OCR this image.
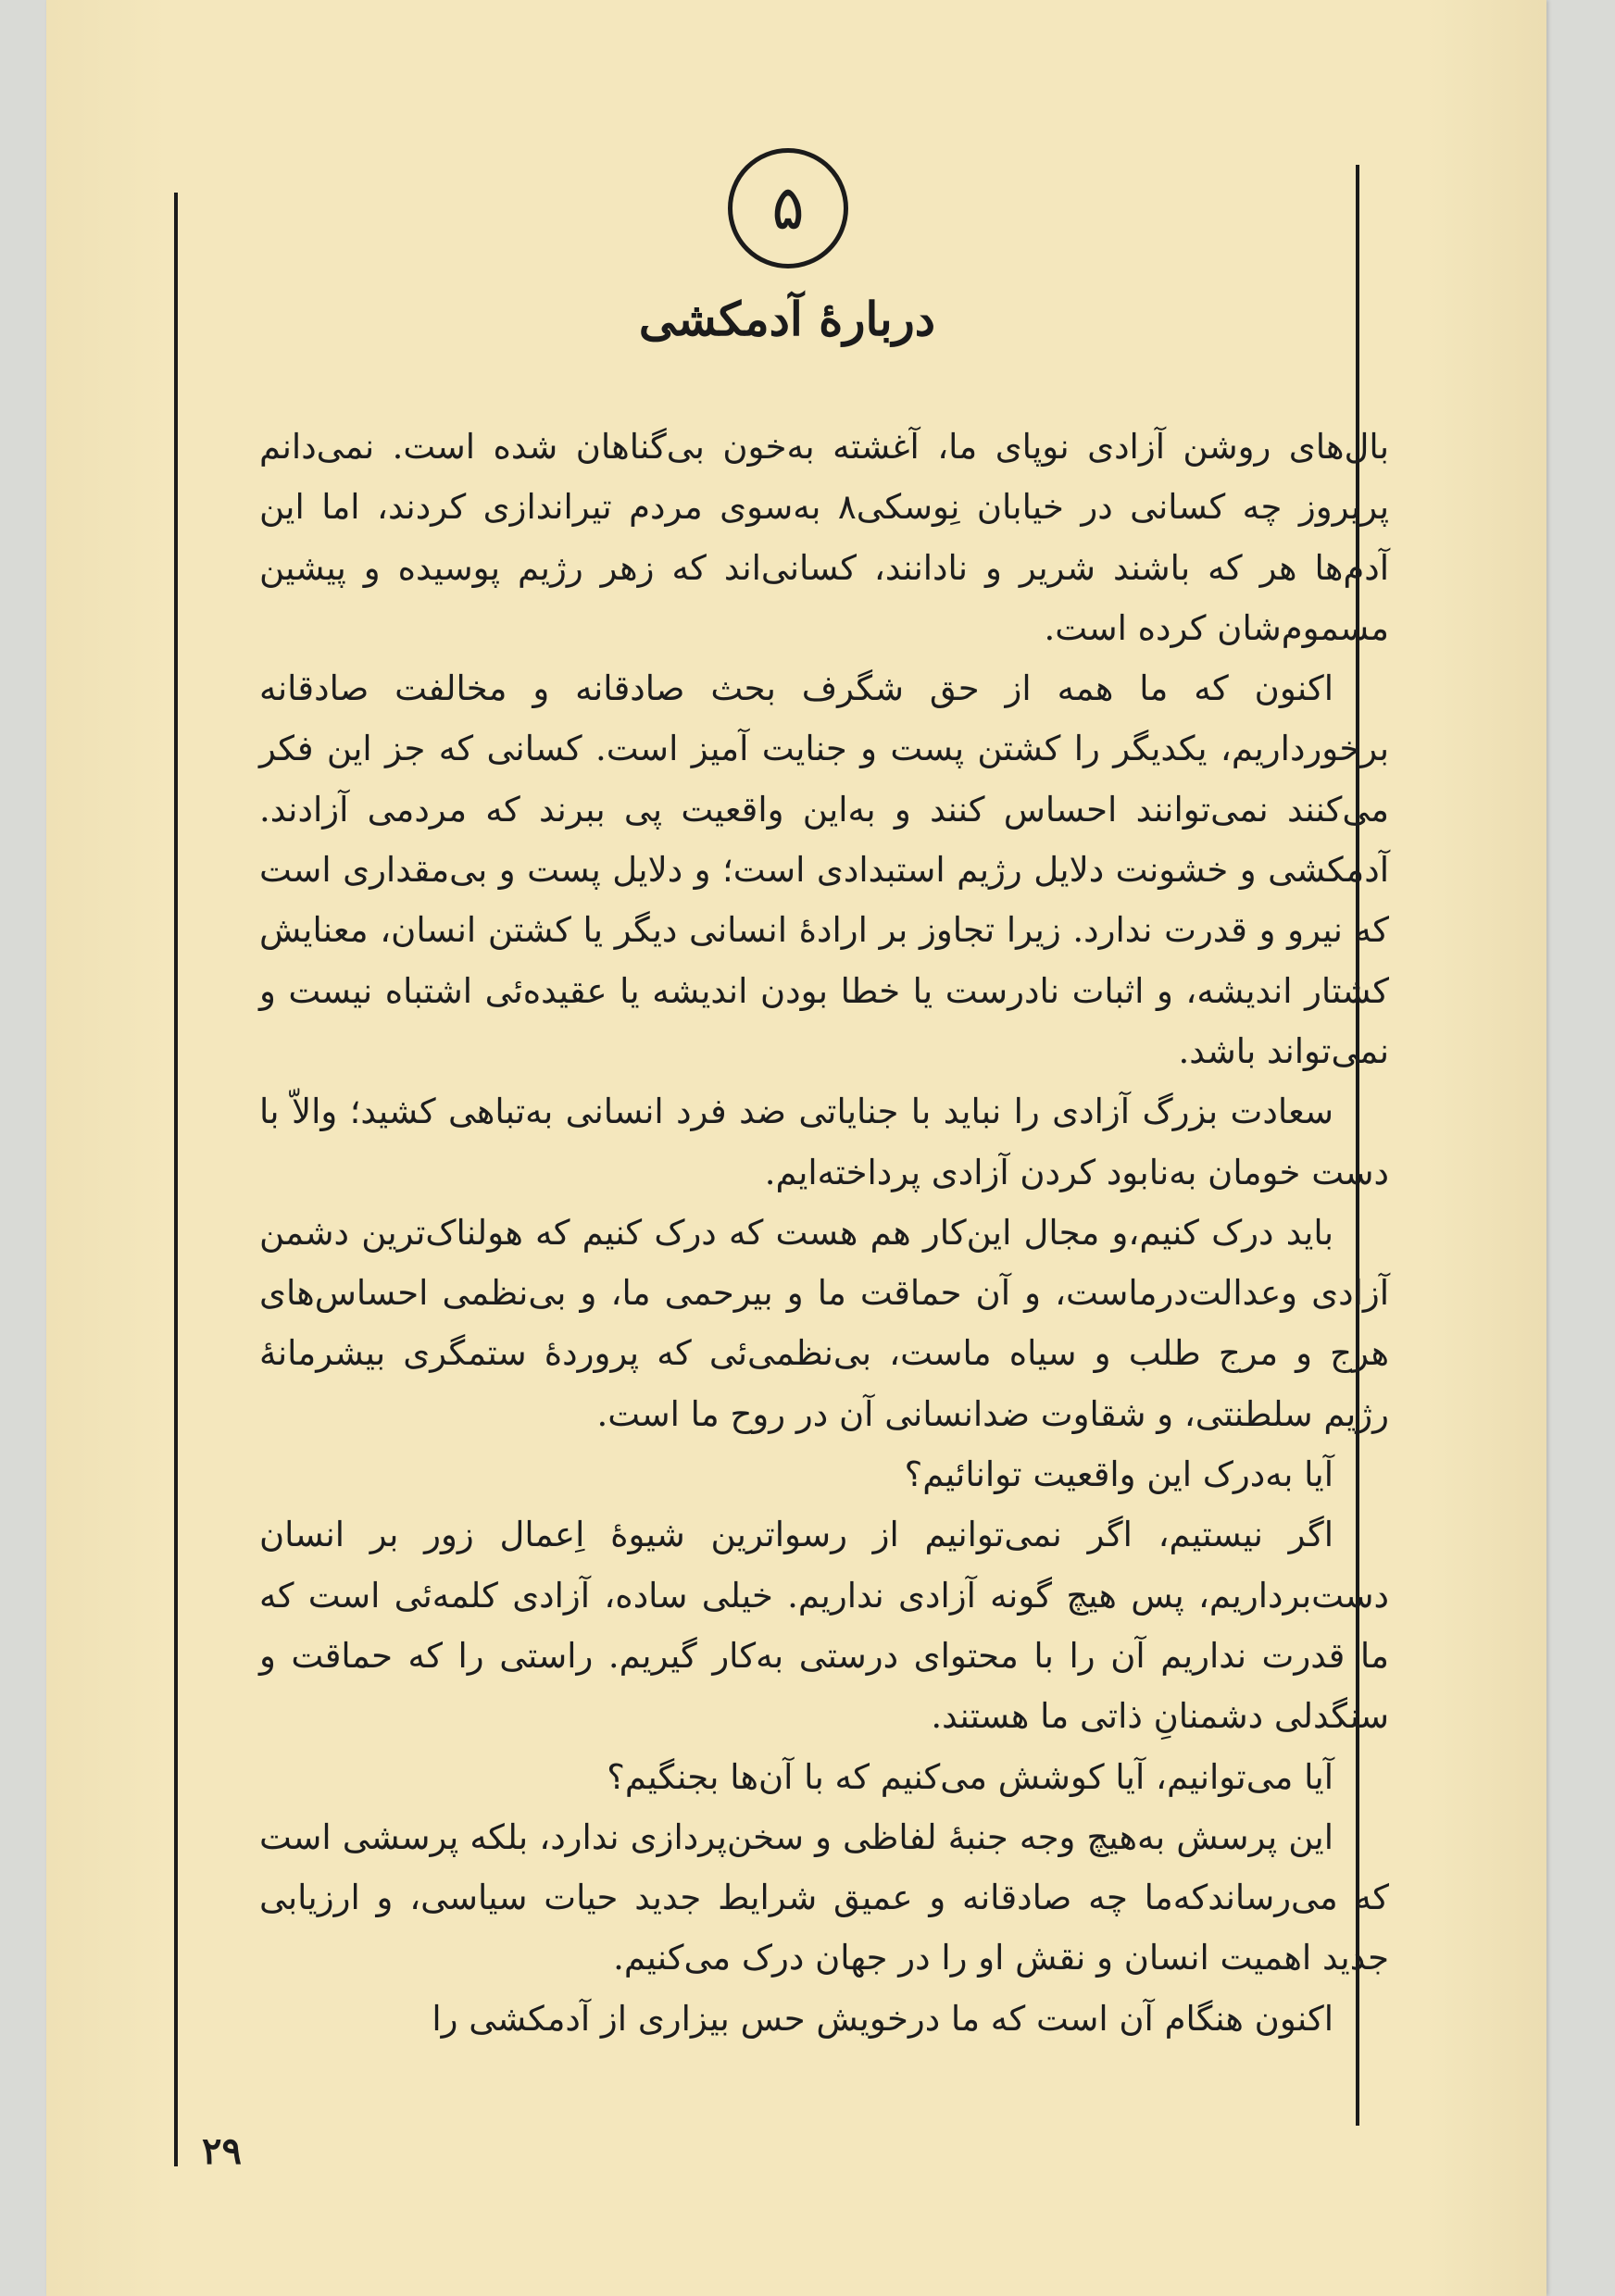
۵
دربارهٔ آدمکشی

بال‌های روشن آزادی نوپای ما، آغشته به‌خون بی‌گناهان شده است. نمی‌دانم پریروز چه کسانی در خیابان نِوسکی۸ به‌سوی مردم تیراندازی کردند، اما این آدم‌ها هر که باشند شریر و نادانند، کسانی‌اند که زهر رژیم پوسیده و پیشین مسموم‌شان کرده است.

اکنون که ما همه از حق شگرف بحث صادقانه و مخالفت صادقانه برخورداریم، یکدیگر را کشتن پست و جنایت آمیز است. کسانی که جز این فکر می‌کنند نمی‌توانند احساس کنند و به‌این واقعیت پی ببرند که مردمی آزادند. آدمکشی و خشونت دلایل رژیم استبدادی است؛ و دلایل پست و بی‌مقداری است که نیرو و قدرت ندارد. زیرا تجاوز بر ارادهٔ انسانی دیگر یا کشتن انسان، معنایش کشتار اندیشه، و اثبات نادرست یا خطا بودن اندیشه یا عقیده‌ئی اشتباه نیست و نمی‌تواند باشد.

سعادت بزرگ آزادی را نباید با جنایاتی ضد فرد انسانی به‌تباهی کشید؛ والاّ با دست خومان به‌نابود کردن آزادی پرداخته‌ایم.

باید درک کنیم،و مجال این‌کار هم هست که درک کنیم که هولناک‌ترین دشمن آزادی وعدالت‌درماست، و آن حماقت ما و بیرحمی ما، و بی‌نظمی احساس‌های هرج و مرج طلب و سیاه ماست، بی‌نظمی‌ئی که پروردهٔ ستمگری بیشرمانهٔ رژیم سلطنتی، و شقاوت ضدانسانی آن در روح ما است.

آیا به‌درک این واقعیت توانائیم؟

اگر نیستیم، اگر نمی‌توانیم از رسواترین شیوهٔ اِعمال زور بر انسان دست‌برداریم، پس هیچ گونه آزادی نداریم. خیلی ساده، آزادی کلمه‌ئی است که ما قدرت نداریم آن را با محتوای درستی به‌کار گیریم. راستی را که حماقت و سنگدلی دشمنانِ ذاتی ما هستند.

آیا می‌توانیم، آیا کوشش می‌کنیم که با آن‌ها بجنگیم؟

این پرسش به‌هیچ وجه جنبهٔ لفاظی و سخن‌پردازی ندارد، بلکه پرسشی است که می‌رساندکه‌ما چه صادقانه و عمیق شرایط جدید حیات سیاسی، و ارزیابی جدید اهمیت انسان و نقش او را در جهان درک می‌کنیم.

اکنون هنگام آن است که ما درخویش حس بیزاری از آدمکشی را

۲۹
